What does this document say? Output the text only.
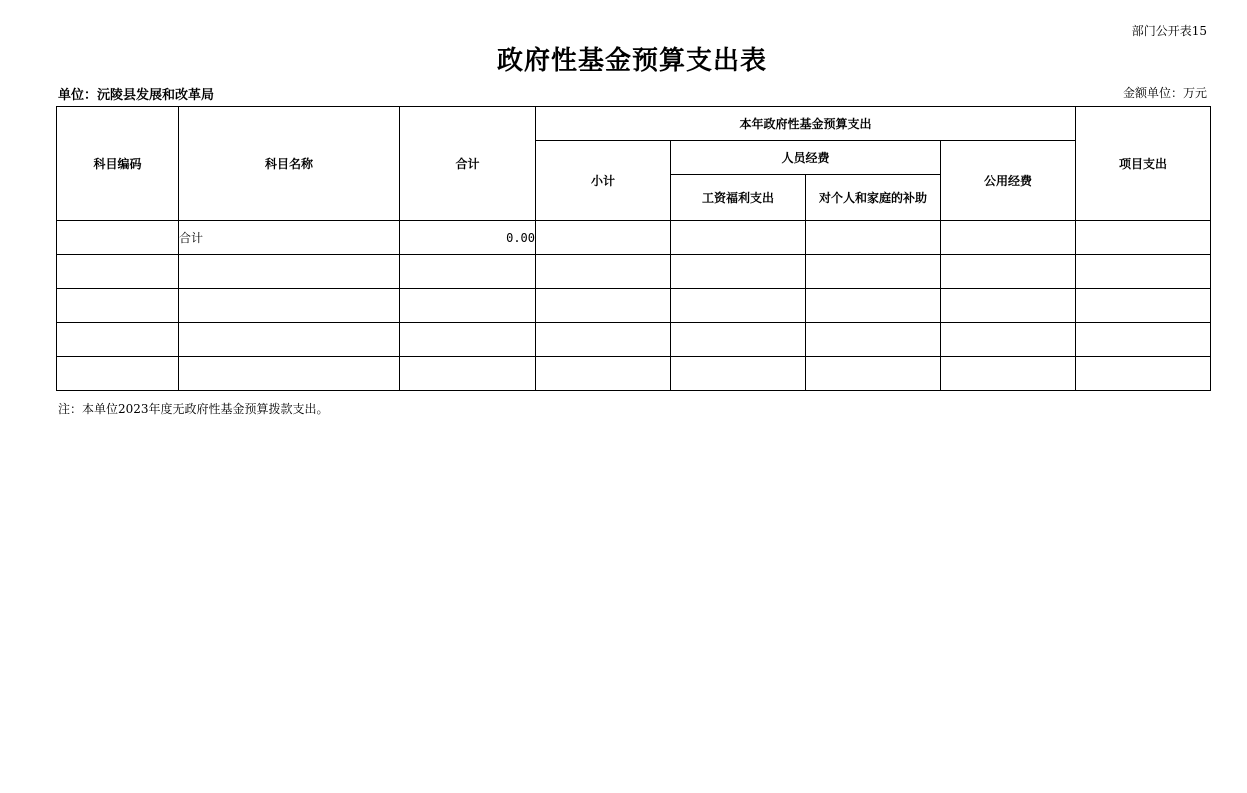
部门公开表15
政府性基金预算支出表
单位：沅陵县发展和改革局	金额单位：万元
科目编码	科目名称	合计	本年政府性基金预算支出				项目支出
			小计	人员经费		公用经费	
				工资福利支出	对个人和家庭的补助		
	合计	0.00					

注：本单位2023年度无政府性基金预算拨款支出。
